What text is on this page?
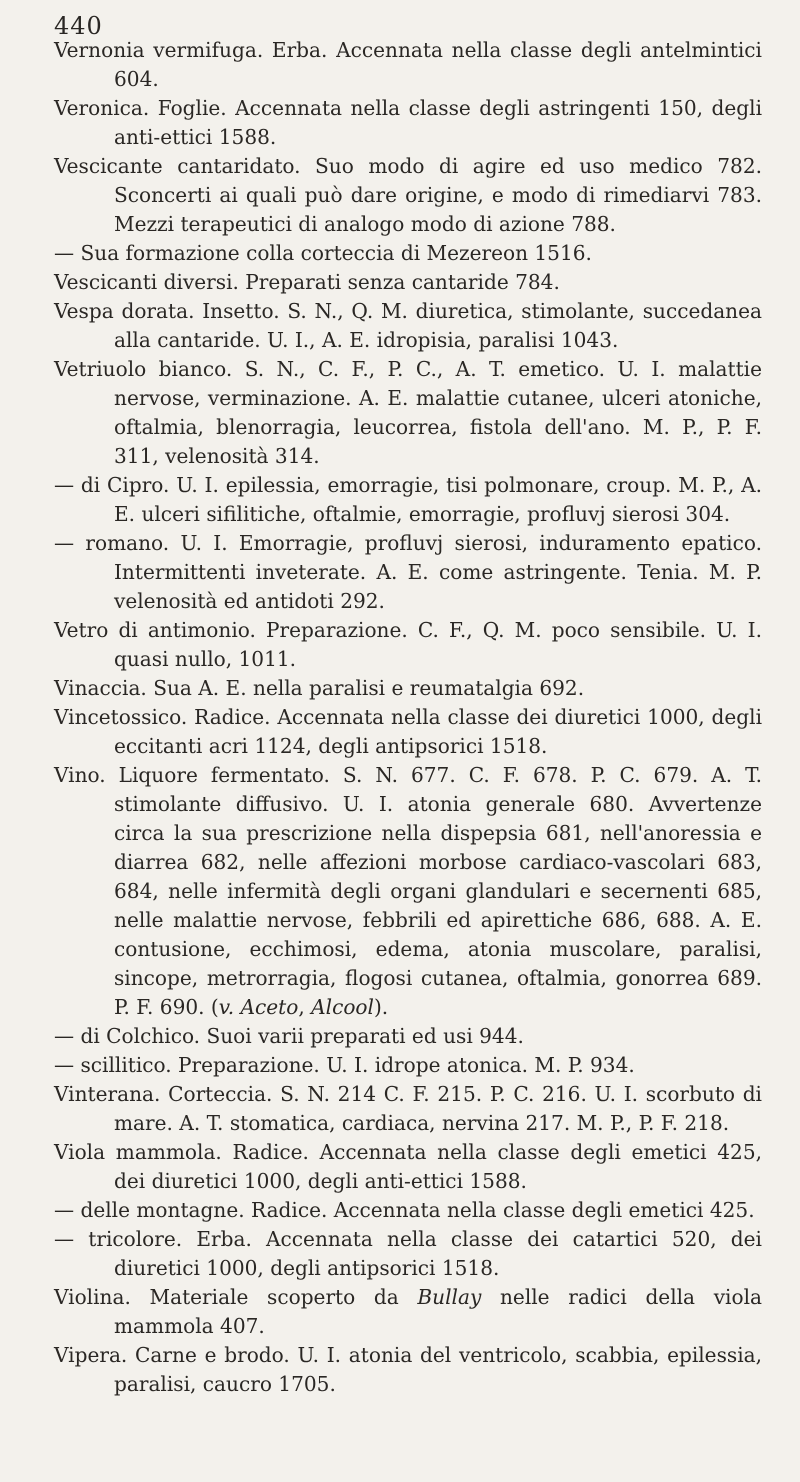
440

Vernonia vermifuga. Erba. Accennata nella classe degli antelmintici 604.

Veronica. Foglie. Accennata nella classe degli astringenti 150, degli anti-ettici 1588.

Vescicante cantaridato. Suo modo di agire ed uso medico 782. Sconcerti ai quali può dare origine, e modo di rimediarvi 783. Mezzi terapeutici di analogo modo di azione 788.

— Sua formazione colla corteccia di Mezereon 1516.

Vescicanti diversi. Preparati senza cantaride 784.

Vespa dorata. Insetto. S. N., Q. M. diuretica, stimolante, succedanea alla cantaride. U. I., A. E. idropisia, paralisi 1043.

Vetriuolo bianco. S. N., C. F., P. C., A. T. emetico. U. I. malattie nervose, verminazione. A. E. malattie cutanee, ulceri atoniche, oftalmia, blenorragia, leucorrea, fistola dell'ano. M. P., P. F. 311, velenosità 314.

— di Cipro. U. I. epilessia, emorragie, tisi polmonare, croup. M. P., A. E. ulceri sifilitiche, oftalmie, emorragie, profluvj sierosi 304.

— romano. U. I. Emorragie, profluvj sierosi, induramento epatico. Intermittenti inveterate. A. E. come astringente. Tenia. M. P. velenosità ed antidoti 292.

Vetro di antimonio. Preparazione. C. F., Q. M. poco sensibile. U. I. quasi nullo, 1011.

Vinaccia. Sua A. E. nella paralisi e reumatalgia 692.

Vincetossico. Radice. Accennata nella classe dei diuretici 1000, degli eccitanti acri 1124, degli antipsorici 1518.

Vino. Liquore fermentato. S. N. 677. C. F. 678. P. C. 679. A. T. stimolante diffusivo. U. I. atonia generale 680. Avvertenze circa la sua prescrizione nella dispepsia 681, nell'anoressia e diarrea 682, nelle affezioni morbose cardiaco-vascolari 683, 684, nelle infermità degli organi glandulari e secernenti 685, nelle malattie nervose, febbrili ed apirettiche 686, 688. A. E. contusione, ecchimosi, edema, atonia muscolare, paralisi, sincope, metrorragia, flogosi cutanea, oftalmia, gonorrea 689. P. F. 690. (v. Aceto, Alcool).

— di Colchico. Suoi varii preparati ed usi 944.

— scillitico. Preparazione. U. I. idrope atonica. M. P. 934.

Vinterana. Corteccia. S. N. 214 C. F. 215. P. C. 216. U. I. scorbuto di mare. A. T. stomatica, cardiaca, nervina 217. M. P., P. F. 218.

Viola mammola. Radice. Accennata nella classe degli emetici 425, dei diuretici 1000, degli anti-ettici 1588.

— delle montagne. Radice. Accennata nella classe degli emetici 425.

— tricolore. Erba. Accennata nella classe dei catartici 520, dei diuretici 1000, degli antipsorici 1518.

Violina. Materiale scoperto da Bullay nelle radici della viola mammola 407.

Vipera. Carne e brodo. U. I. atonia del ventricolo, scabbia, epilessia, paralisi, caucro 1705.
